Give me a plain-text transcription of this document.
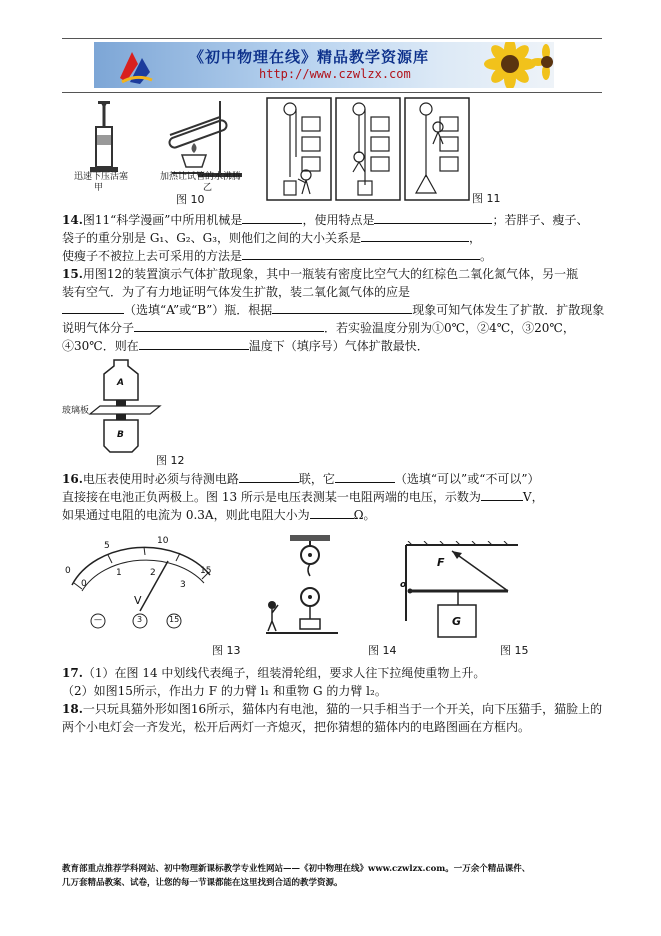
《初中物理在线》精品教学资源库
http://www.czwlzx.com
迅速下压活塞
甲
加热让试管的水沸腾
乙
图 10	图 11
14.图11“科学漫画”中所用机械是	，使用特点是	；若胖子、瘦子、
袋子的重分别是 G₁、G₂、G₃，则他们之间的大小关系是	，
使瘦子不被拉上去可采用的方法是	。
15.用图12的装置演示气体扩散现象，其中一瓶装有密度比空气大的红棕色二氧化氮气体，另一瓶
装有空气．为了有力地证明气体发生扩散，装二氧化氮气体的应是
（选填“A”或“B”）瓶．根据	现象可知气体发生了扩散．扩散现象
说明气体分子	．若实验温度分别为①0℃，②4℃，③20℃，
④30℃．则在	温度下（填序号）气体扩散最快．
玻璃板
A
B
图 12
16.电压表使用时必须与待测电路	联，它	（选填“可以”或“不可以”）
直接接在电池正负两极上。图 13 所示是电压表测某一电阻两端的电压，示数为	V，
如果通过电阻的电流为 0.3A，则此电阻大小为	Ω。
0
5	10
15
0
1	2
3
V
—	3	15
图 13	图 14
F
o
G
图 15
17.（1）在图 14 中划线代表绳子，组装滑轮组，要求人往下拉绳使重物上升。
（2）如图15所示，作出力 F 的力臂 l₁ 和重物 G 的力臂 l₂。
18.一只玩具猫外形如图16所示，猫体内有电池，猫的一只手相当于一个开关，向下压猫手，猫脸上的
两个小电灯会一齐发光，松开后两灯一齐熄灭，把你猜想的猫体内的电路图画在方框内。
教育部重点推荐学科网站、初中物理新课标教学专业性网站——《初中物理在线》www.czwlzx.com。一万余个精品课件、
几万套精品教案、试卷，让您的每一节课都能在这里找到合适的教学资源。
